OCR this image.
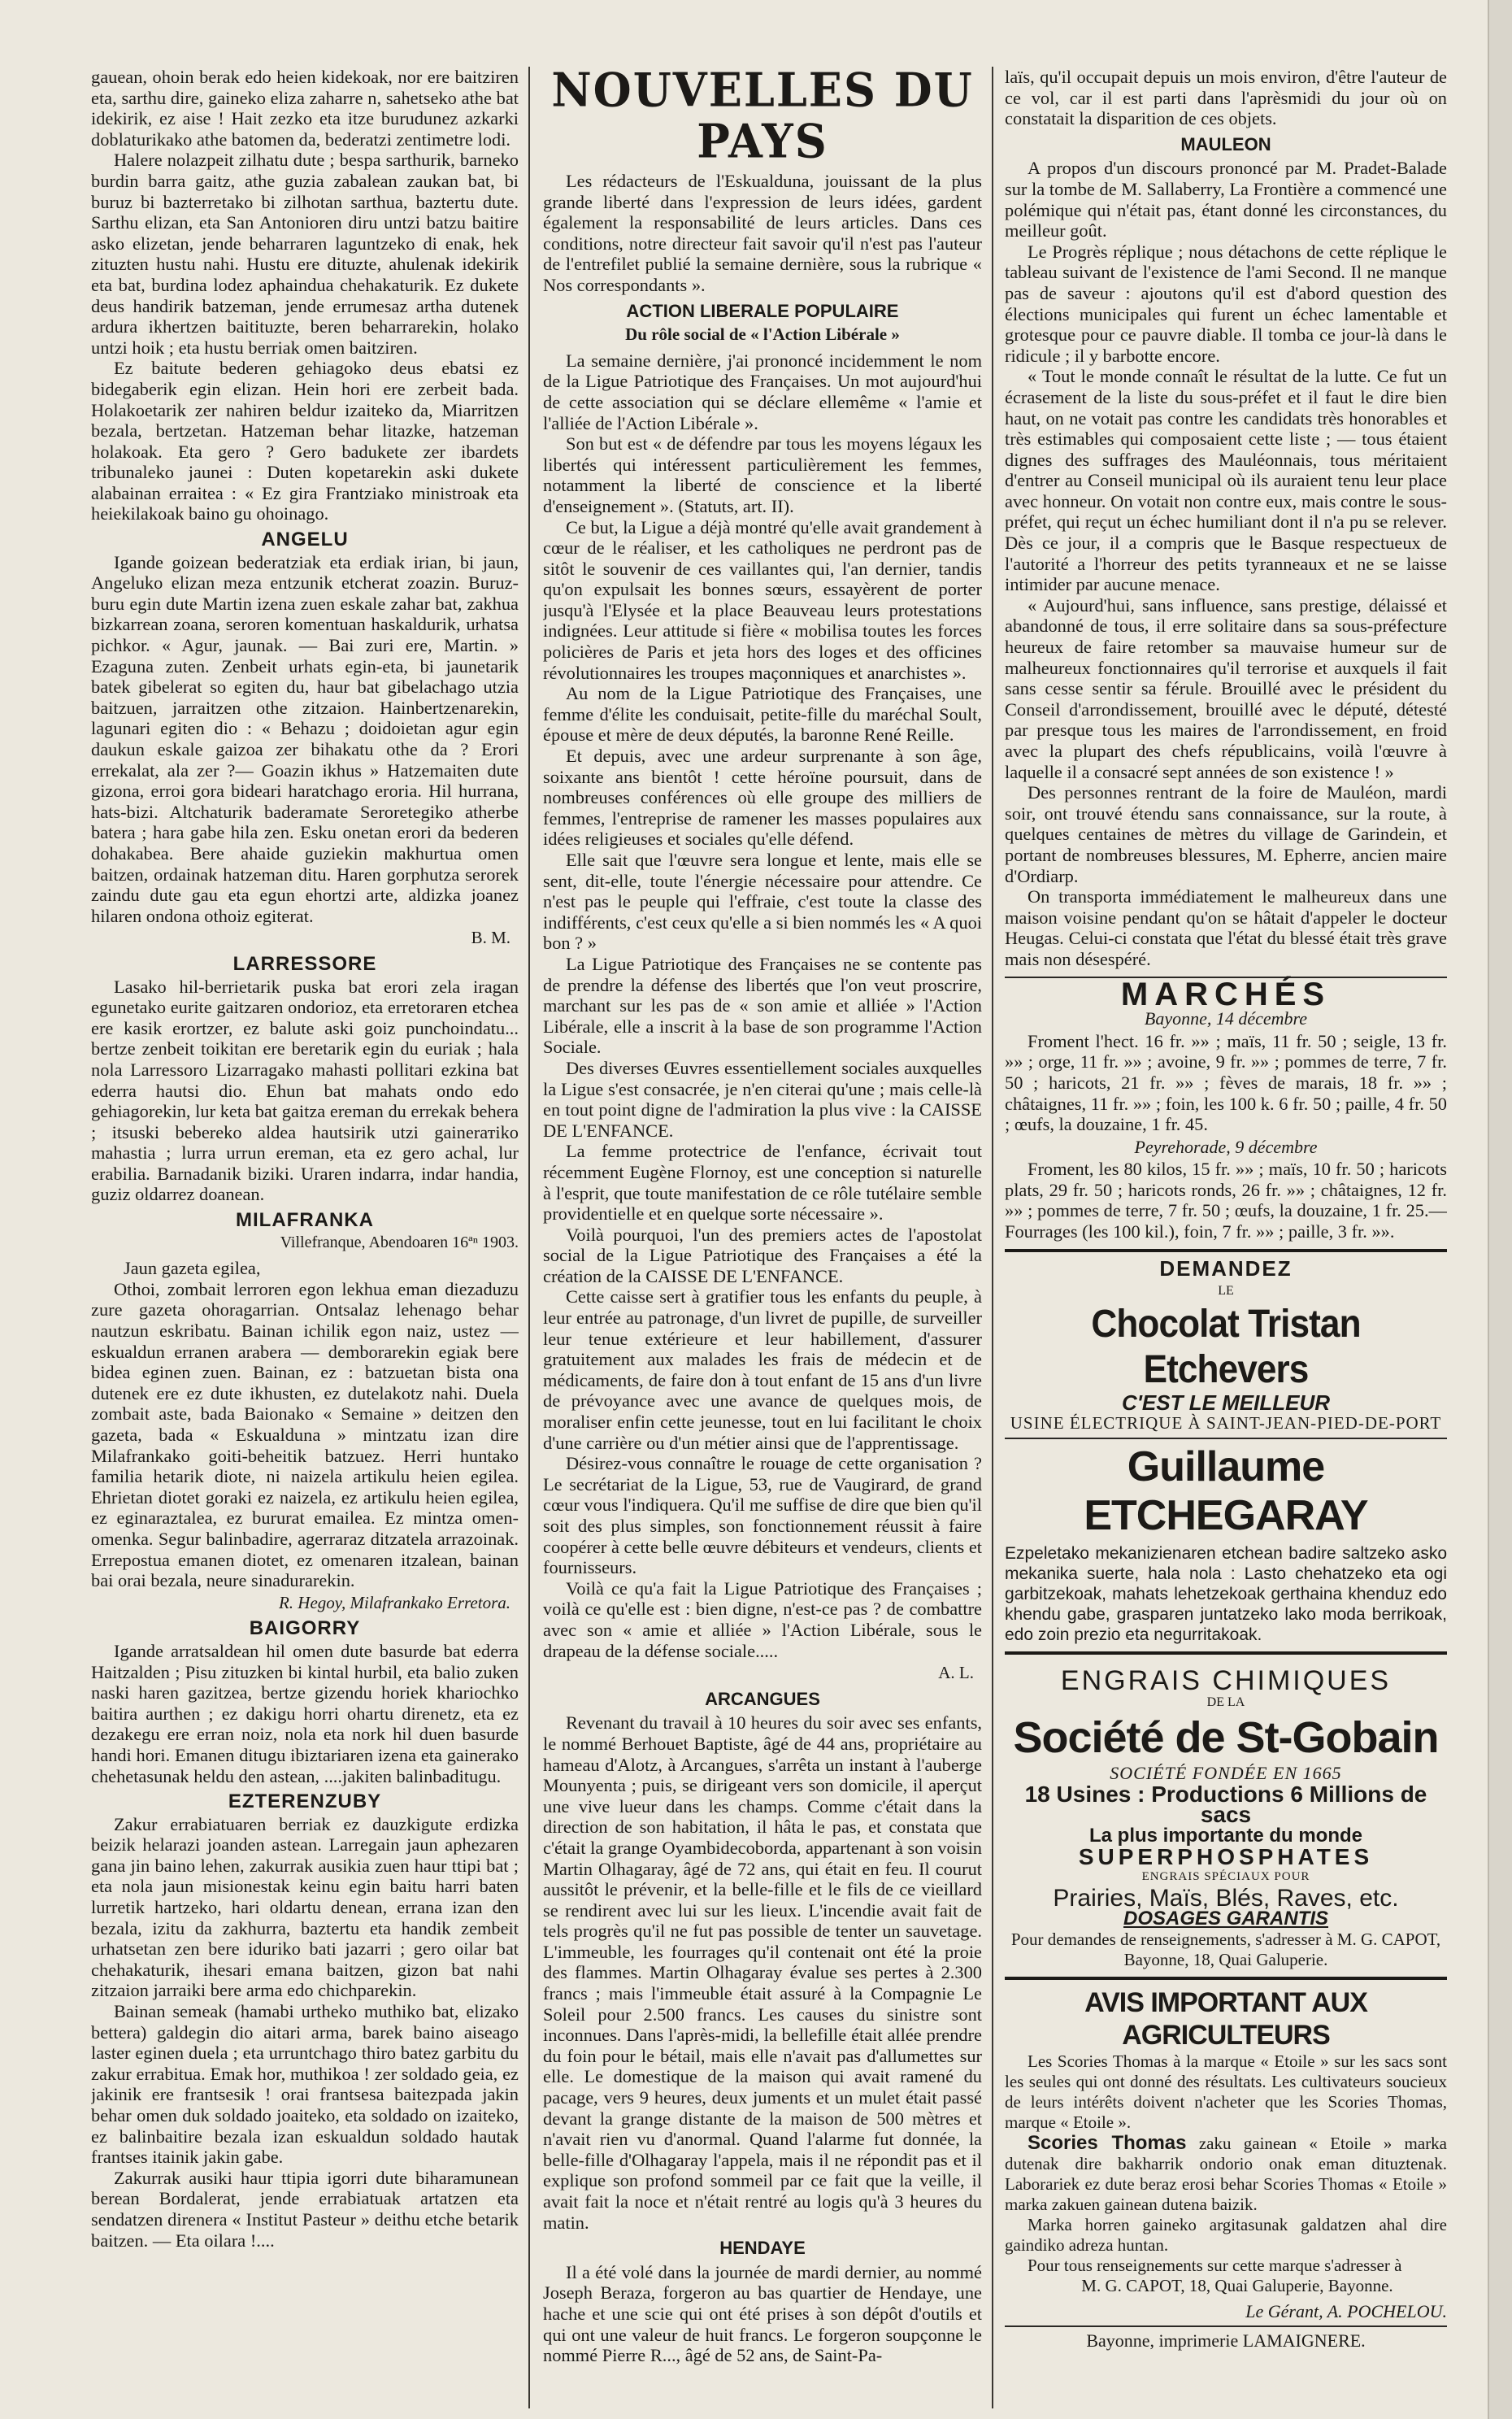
gauean, ohoin berak edo heien kidekoak, nor ere baitziren eta, sarthu dire, gaineko eliza zaharre n, sahetseko athe bat idekirik, ez aise ! Hait zezko eta itze burudunez azkarki doblaturikako athe batomen da, bederatzi zentimetre lodi.

Halere nolazpeit zilhatu dute ; bespa sarthurik, barneko burdin barra gaitz, athe guzia zabalean zaukan bat, bi buruz bi bazterretako bi zilhotan sarthua, baztertu dute. Sarthu elizan, eta San Antonioren diru untzi batzu baitire asko elizetan, jende beharraren laguntzeko di enak, hek zituzten hustu nahi. Hustu ere dituzte, ahulenak idekirik eta bat, burdina lodez aphaindua chehakaturik. Ez dukete deus handirik batzeman, jende errumesaz artha dutenek ardura ikhertzen baitituzte, beren beharrarekin, holako untzi hoik ; eta hustu berriak omen baitziren.

Ez baitute bederen gehiagoko deus ebatsi ez bidegaberik egin elizan. Hein hori ere zerbeit bada. Holakoetarik zer nahiren beldur izaiteko da, Miarritzen bezala, bertzetan. Hatzeman behar litazke, hatzeman holakoak. Eta gero ? Gero badukete zer ibardets tribunaleko jaunei : Duten kopetarekin aski dukete alabainan erraitea : « Ez gira Frantziako ministroak eta heiekilakoak baino gu ohoinago.

ANGELU

Igande goizean bederatziak eta erdiak irian, bi jaun, Angeluko elizan meza entzunik etcherat zoazin. Buruz-buru egin dute Martin izena zuen eskale zahar bat, zakhua bizkarrean zoana, seroren komentuan haskaldurik, urhatsa pichkor. « Agur, jaunak. — Bai zuri ere, Martin. » Ezagunа zuten. Zenbeit urhats egin-eta, bi jaunetarik batek gibelerat so egiten du, haur bat gibelachago utzia baitzuen, jarraitzen othe zitzaion. Hainbertzenarekin, lagunari egiten dio : « Behazu ; doidoietan agur egin daukun eskale gaizoa zer bihakatu othe da ? Erori errekalat, ala zer ?— Goazin ikhus » Hatzemaiten dute gizona, erroi gora bideari haratchago eroria. Hil hurrana, hats-bizi. Altchaturik baderamate Seroretegiko atherbe batera ; hara gabe hila zen. Esku onetan erori da bederen dohakabea. Bere ahaide guziekin makhurtua omen baitzen, ordainak hatzeman ditu. Haren gorphutza serorek zaindu dute gau eta egun ehortzi arte, aldizka joanez hilaren ondona othoiz egiterat.

B. M.
LARRESSORE

Lasako hil-berrietarik puska bat erori zela iragan egunetako eurite gaitzaren ondorioz, eta erretoraren etchea ere kasik erortzer, ez balute aski goiz punchoindatu... bertze zenbeit toikitan ere beretarik egin du euriak ; hala nola Larressoro Lizarragako mahasti pollitari ezkina bat ederra hautsi dio. Ehun bat mahats ondo edo gehiagorekin, lur keta bat gaitza ereman du errekak beherа ; itsuski bebereko aldea hautsirik utzi gainerатiko mahastia ; lurra urrun ereman, eta ez gero achal, lur erabilia. Barnadanik biziki. Uraren indarra, indar handia, guziz oldarrez doanean.

MILAFRANKA
Villefranque, Abendoaren 16ªⁿ 1903.

Jaun gazeta egilea,

Othoi, zombait lerroren egon lekhua eman diezaduzu zure gazeta ohoragarrian. Ontsalaz lehenago behar nautzun eskribatu. Bainan ichilik egon naiz, ustez — eskualdun erranen arabera — demborarekin egiak bere bidea eginen zuen. Bainan, ez : batzuetan bista ona dutenek ere ez dute ikhusten, ez dutelakotz nahi. Duela zombait aste, bada Baionako « Semaine » deitzen den gazeta, bada « Eskualduna » mintzatu izan dire Milafrankako goiti-beheitik batzuez. Herri huntako familia hetarik diote, ni naizela artikulu heien egilea. Ehrietan diotet goraki ez naizela, ez artikulu heien egilea, ez eginaraztalea, ez bururat emailea. Ez mintza omen-omenka. Segur balinbadire, agerraraz ditzatela arrazoinak. Errepostua emanen diotet, ez omenaren itzalean, bainan bai orai bezala, neure sinadurarekin.

R. Hegoy, Milafrankako Erretora.
BAIGORRY

Igande arratsaldean hil omen dute basurde bat ederra Haitzalden ; Pisu zituzken bi kintal hurbil, eta balio zuken naski haren gazitzea, bertze gizendu horiek khariochko baitira aurthen ; ez dakigu horri ohartu direnetz, eta ez dezakegu ere erran noiz, nola eta nork hil duen basurde handi hori. Emanen ditugu ibiztariaren izena eta gainerako chehetasunak heldu den astean, ....jakiten balinbaditugu.

EZTERENZUBY

Zakur errabiatuaren berriak ez dauzkigute erdizka beizik helarazi joanden astean. Larregain jaun aphezaren gana jin baino lehen, zakurrak ausikia zuen haur ttipi bat ; eta nola jaun misionestak keinu egin baitu harri baten lurretik hartzeko, hari oldartu denean, errana izan den bezala, izitu da zakhurra, baztertu eta handik zembeit urhatsetan zen bere iduriko bati jazarri ; gero oilar bat chehakaturik, ihesari emana baitzen, gizon bat nahi zitzaion jarraiki bere arma edo chichparekin.

Bainan semeak (hamabi urtheko muthiko bat, elizako bettera) galdegin dio aitari arma, barek baino aiseago laster eginen duela ; eta urruntchago thiro batez garbitu du zakur errabitua. Emak hor, muthikoa ! zer soldado geia, ez jakinik ere frantsesik ! orai frantsesa baitezpada jakin behar omen duk soldado joaiteko, eta soldado on izaiteko, ez balinbaitire bezala izan eskualdun soldado hautak frantses itainik jakin gabe.

Zakurrak ausiki haur ttipia igorri dute biharamunean berean Bordalerat, jende errabiatuak artatzen eta sendatzen direnera « Institut Pasteur » deithu etche betarik baitzen. — Eta oilara !....

NOUVELLES DU PAYS

Les rédacteurs de l'Eskualduna, jouissant de la plus grande liberté dans l'expression de leurs idées, gardent également la responsabilité de leurs articles. Dans ces conditions, notre directeur fait savoir qu'il n'est pas l'auteur de l'entrefilet publié la semaine dernière, sous la rubrique « Nos correspondants ».

ACTION LIBERALE POPULAIRE
Du rôle social de « l'Action Libérale »

La semaine dernière, j'ai prononcé incidemment le nom de la Ligue Patriotique des Françaises. Un mot aujourd'hui de cette association qui se déclare ellemême « l'amie et l'alliée de l'Action Libérale ».

Son but est « de défendre par tous les moyens légaux les libertés qui intéressent particulièrement les femmes, notamment la liberté de conscience et la liberté d'enseignement ». (Statuts, art. II).

Ce but, la Ligue a déjà montré qu'elle avait grandement à cœur de le réaliser, et les catholiques ne perdront pas de sitôt le souvenir de ces vaillantes qui, l'an dernier, tandis qu'on expulsait les bonnes sœurs, essayèrent de porter jusqu'à l'Elysée et la place Beauveau leurs protestations indignées. Leur attitude si fière « mobilisa toutes les forces policières de Paris et jeta hors des loges et des officines révolutionnaires les troupes maçonniques et anarchistes ».

Au nom de la Ligue Patriotique des Françaises, une femme d'élite les conduisait, petite-fille du maréchal Soult, épouse et mère de deux députés, la baronne René Reille.

Et depuis, avec une ardeur surprenante à son âge, soixante ans bientôt ! cette héroïne poursuit, dans de nombreuses conférences où elle groupe des milliers de femmes, l'entreprise de ramener les masses populaires aux idées religieuses et sociales qu'elle défend.

Elle sait que l'œuvre sera longue et lente, mais elle se sent, dit-elle, toute l'énergie nécessaire pour attendre. Ce n'est pas le peuple qui l'effraie, c'est toute la classe des indifférents, c'est ceux qu'elle a si bien nommés les « A quoi bon ? »

La Ligue Patriotique des Françaises ne se contente pas de prendre la défense des libertés que l'on veut proscrire, marchant sur les pas de « son amie et alliée » l'Action Libérale, elle a inscrit à la base de son programme l'Action Sociale.

Des diverses Œuvres essentiellement sociales auxquelles la Ligue s'est consacrée, je n'en citerai qu'une ; mais celle-là en tout point digne de l'admiration la plus vive : la CAISSE DE L'ENFANCE.

La femme protectrice de l'enfance, écrivait tout récemment Eugène Flornoy, est une conception si naturelle à l'esprit, que toute manifestation de ce rôle tutélaire semble providentielle et en quelque sorte nécessaire ».

Voilà pourquoi, l'un des premiers actes de l'apostolat social de la Ligue Patriotique des Françaises a été la création de la CAISSE DE L'ENFANCE.

Cette caisse sert à gratifier tous les enfants du peuple, à leur entrée au patronage, d'un livret de pupille, de surveiller leur tenue extérieure et leur habillement, d'assurer gratuitement aux malades les frais de médecin et de médicaments, de faire don à tout enfant de 15 ans d'un livre de prévoyance avec une avance de quelques mois, de moraliser enfin cette jeunesse, tout en lui facilitant le choix d'une carrière ou d'un métier ainsi que de l'apprentissage.

Désirez-vous connaître le rouage de cette organisation ? Le secrétariat de la Ligue, 53, rue de Vaugirard, de grand cœur vous l'indiquera. Qu'il me suffise de dire que bien qu'il soit des plus simples, son fonctionnement réussit à faire coopérer à cette belle œuvre débiteurs et vendeurs, clients et fournisseurs.

Voilà ce qu'a fait la Ligue Patriotique des Françaises ; voilà ce qu'elle est : bien digne, n'est-ce pas ? de combattre avec son « amie et alliée » l'Action Libérale, sous le drapeau de la défense sociale.....

A. L.
ARCANGUES

Revenant du travail à 10 heures du soir avec ses enfants, le nommé Berhouet Baptiste, âgé de 44 ans, propriétaire au hameau d'Alotz, à Arcangues, s'arrêta un instant à l'auberge Mounyenta ; puis, se dirigeant vers son domicile, il aperçut une vive lueur dans les champs. Comme c'était dans la direction de son habitation, il hâta le pas, et constata que c'était la grange Oyambidecoborda, appartenant à son voisin Martin Olhagaray, âgé de 72 ans, qui était en feu. Il courut aussitôt le prévenir, et la belle-fille et le fils de ce vieillard se rendirent avec lui sur les lieux. L'incendie avait fait de tels progrès qu'il ne fut pas possible de tenter un sauvetage. L'immeuble, les fourrages qu'il contenait ont été la proie des flammes. Martin Olhagaray évalue ses pertes à 2.300 francs ; mais l'immeuble était assuré à la Compagnie Le Soleil pour 2.500 francs. Les causes du sinistre sont inconnues. Dans l'après-midi, la bellefille était allée prendre du foin pour le bétail, mais elle n'avait pas d'allumettes sur elle. Le domestique de la maison qui avait ramené du pacage, vers 9 heures, deux juments et un mulet était passé devant la grange distante de la maison de 500 mètres et n'avait rien vu d'anormal. Quand l'alarme fut donnée, la belle-fille d'Olhagaray l'appela, mais il ne répondit pas et il explique son profond sommeil par ce fait que la veille, il avait fait la noce et n'était rentré au logis qu'à 3 heures du matin.

HENDAYE

Il a été volé dans la journée de mardi dernier, au nommé Joseph Beraza, forgeron au bas quartier de Hendaye, une hache et une scie qui ont été prises à son dépôt d'outils et qui ont une valeur de huit francs. Le forgeron soupçonne le nommé Pierre R..., âgé de 52 ans, de Saint-Pa-

laïs, qu'il occupait depuis un mois environ, d'être l'auteur de ce vol, car il est parti dans l'aprèsmidi du jour où on constatait la disparition de ces objets.

MAULEON

A propos d'un discours prononcé par M. Pradet-Balade sur la tombe de M. Sallaberry, La Frontière a commencé une polémique qui n'était pas, étant donné les circonstances, du meilleur goût.

Le Progrès réplique ; nous détachons de cette réplique le tableau suivant de l'existence de l'ami Second. Il ne manque pas de saveur : ajoutons qu'il est d'abord question des élections municipales qui furent un échec lamentable et grotesque pour ce pauvre diable. Il tomba ce jour-là dans le ridicule ; il y barbotte encore.

« Tout le monde connaît le résultat de la lutte. Ce fut un écrasement de la liste du sous-préfet et il faut le dire bien haut, on ne votait pas contre les candidats très honorables et très estimables qui composaient cette liste ; — tous étaient dignes des suffrages des Mauléonnais, tous méritaient d'entrer au Conseil municipal où ils auraient tenu leur place avec honneur. On votait non contre eux, mais contre le sous-préfet, qui reçut un échec humiliant dont il n'a pu se relever. Dès ce jour, il a compris que le Basque respectueux de l'autorité a l'horreur des petits tyranneaux et ne se laisse intimider par aucune menace.

« Aujourd'hui, sans influence, sans prestige, délaissé et abandonné de tous, il erre solitaire dans sa sous-préfecture heureux de faire retomber sa mauvaise humeur sur de malheureux fonctionnaires qu'il terrorise et auxquels il fait sans cesse sentir sa férule. Brouillé avec le président du Conseil d'arrondissement, brouillé avec le député, détesté par presque tous les maires de l'arrondissement, en froid avec la plupart des chefs républicains, voilà l'œuvre à laquelle il a consacré sept années de son existence ! »

Des personnes rentrant de la foire de Mauléon, mardi soir, ont trouvé étendu sans connaissance, sur la route, à quelques centaines de mètres du village de Garindein, et portant de nombreuses blessures, M. Epherre, ancien maire d'Ordiarp.

On transporta immédiatement le malheureux dans une maison voisine pendant qu'on se hâtait d'appeler le docteur Heugas. Celui-ci constata que l'état du blessé était très grave mais non désespéré.

MARCHÉS
Bayonne, 14 décembre

Froment l'hect. 16 fr. »» ; maïs, 11 fr. 50 ; seigle, 13 fr. »» ; orge, 11 fr. »» ; avoine, 9 fr. »» ; pommes de terre, 7 fr. 50 ; haricots, 21 fr. »» ; fèves de marais, 18 fr. »» ; châtaignes, 11 fr. »» ; foin, les 100 k. 6 fr. 50 ; paille, 4 fr. 50 ; œufs, la douzaine, 1 fr. 45.

Peyrehorade, 9 décembre

Froment, les 80 kilos, 15 fr. »» ; maïs, 10 fr. 50 ; haricots plats, 29 fr. 50 ; haricots ronds, 26 fr. »» ; châtaignes, 12 fr. »» ; pommes de terre, 7 fr. 50 ; œufs, la douzaine, 1 fr. 25.— Fourrages (les 100 kil.), foin, 7 fr. »» ; paille, 3 fr. »».

DEMANDEZ
LE
Chocolat Tristan Etchevers
C'EST LE MEILLEUR
USINE ÉLECTRIQUE À SAINT-JEAN-PIED-DE-PORT
Guillaume ETCHEGARAY
Ezpeletako mekanizienaren etchean badire saltzeko asko mekanika suerte, hala nola : Lasto chehatzeko eta ogi garbitzekoak, mahats lehetzekoak gerthaina khenduz edo khendu gabe, grasparen juntatzeko lako moda berrikoak, edo zoin prezio eta negurritakoak.
ENGRAIS CHIMIQUES
DE LA
Société de St-Gobain
SOCIÉTÉ FONDÉE EN 1665
18 Usines : Productions 6 Millions de sacs
La plus importante du monde
SUPERPHOSPHATES
ENGRAIS SPÉCIAUX POUR
Prairies, Maïs, Blés, Raves, etc.
DOSAGES GARANTIS
Pour demandes de renseignements, s'adresser à M. G. CAPOT, Bayonne, 18, Quai Galuperie.
AVIS IMPORTANT AUX AGRICULTEURS

Les Scories Thomas à la marque « Etoile » sur les sacs sont les seules qui ont donné des résultats. Les cultivateurs soucieux de leurs intérêts doivent n'acheter que les Scories Thomas, marque « Etoile ».

Scories Thomas zaku gainean « Etoile » marka dutenak dire bakharrik ondorio onak eman dituztenak. Laborariek ez dute beraz erosi behar Scories Thomas « Etoile » marka zakuen gainean dutena baizik.

Marka horren gaineko argitasunak galdatzen ahal dire gaindiko adreza huntan.

Pour tous renseignements sur cette marque s'adresser à

M. G. CAPOT, 18, Quai Galuperie, Bayonne.

Le Gérant, A. POCHELOU.
Bayonne, imprimerie LAMAIGNERE.
